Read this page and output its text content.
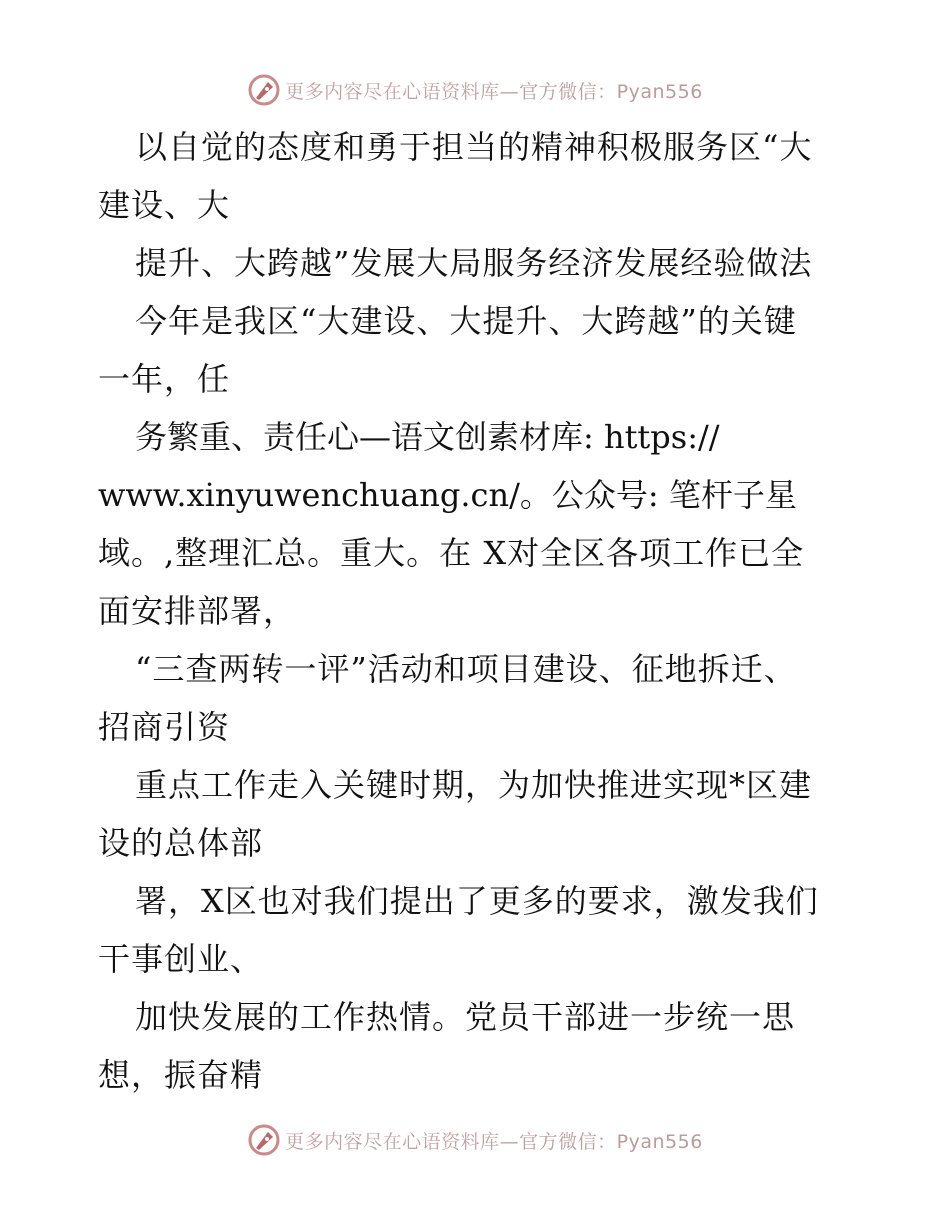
更多内容尽在心语资料库—官方微信：Pyan556
以自觉的态度和勇于担当的精神积极服务区“大
建设、大
提升、大跨越”发展大局服务经济发展经验做法
今年是我区“大建设、大提升、大跨越”的关键
一年，任
务繁重、责任心—语文创素材库: https://
www.xinyuwenchuang.cn/。公众号: 笔杆子星
域。,整理汇总。重大。在 X对全区各项工作已全
面安排部署，
“三查两转一评”活动和项目建设、征地拆迁、
招商引资
重点工作走入关键时期，为加快推进实现*区建
设的总体部
署，X区也对我们提出了更多的要求，激发我们
干事创业、
加快发展的工作热情。党员干部进一步统一思
想，振奋精
更多内容尽在心语资料库—官方微信：Pyan556
